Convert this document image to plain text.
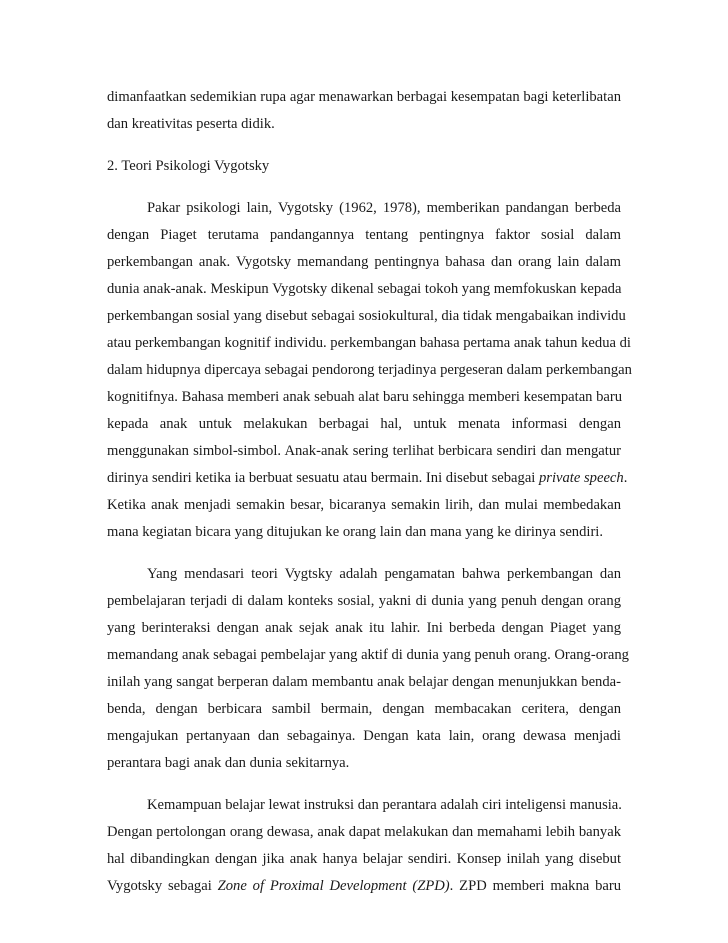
dimanfaatkan sedemikian rupa agar menawarkan berbagai kesempatan bagi keterlibatan
dan kreativitas peserta didik.
2. Teori Psikologi Vygotsky
Pakar psikologi lain, Vygotsky (1962, 1978), memberikan pandangan berbeda
dengan Piaget terutama pandangannya tentang pentingnya faktor sosial dalam
perkembangan anak. Vygotsky memandang pentingnya bahasa dan orang lain dalam
dunia anak-anak. Meskipun Vygotsky dikenal sebagai tokoh yang memfokuskan kepada
perkembangan sosial yang disebut sebagai sosiokultural, dia tidak mengabaikan individu
atau perkembangan kognitif individu. perkembangan bahasa pertama anak tahun kedua di
dalam hidupnya dipercaya sebagai pendorong terjadinya pergeseran dalam perkembangan
kognitifnya. Bahasa memberi anak sebuah alat baru sehingga memberi kesempatan baru
kepada anak untuk melakukan berbagai hal, untuk menata informasi dengan
menggunakan simbol-simbol. Anak-anak sering terlihat berbicara sendiri dan mengatur
dirinya sendiri ketika ia berbuat sesuatu atau bermain. Ini disebut sebagai private speech.
Ketika anak menjadi semakin besar, bicaranya semakin lirih, dan mulai membedakan
mana kegiatan bicara yang ditujukan ke orang lain dan mana yang ke dirinya sendiri.
Yang mendasari teori Vygtsky adalah pengamatan bahwa perkembangan dan
pembelajaran terjadi di dalam konteks sosial, yakni di dunia yang penuh dengan orang
yang berinteraksi dengan anak sejak anak itu lahir. Ini berbeda dengan Piaget yang
memandang anak sebagai pembelajar yang aktif di dunia yang penuh orang. Orang-orang
inilah yang sangat berperan dalam membantu anak belajar dengan menunjukkan benda-
benda, dengan berbicara sambil bermain, dengan membacakan ceritera, dengan
mengajukan pertanyaan dan sebagainya. Dengan kata lain, orang dewasa menjadi
perantara bagi anak dan dunia sekitarnya.
Kemampuan belajar lewat instruksi dan perantara adalah ciri inteligensi manusia.
Dengan pertolongan orang dewasa, anak dapat melakukan dan memahami lebih banyak
hal dibandingkan dengan jika anak hanya belajar sendiri. Konsep inilah yang disebut
Vygotsky sebagai Zone of Proximal Development (ZPD). ZPD memberi makna baru
